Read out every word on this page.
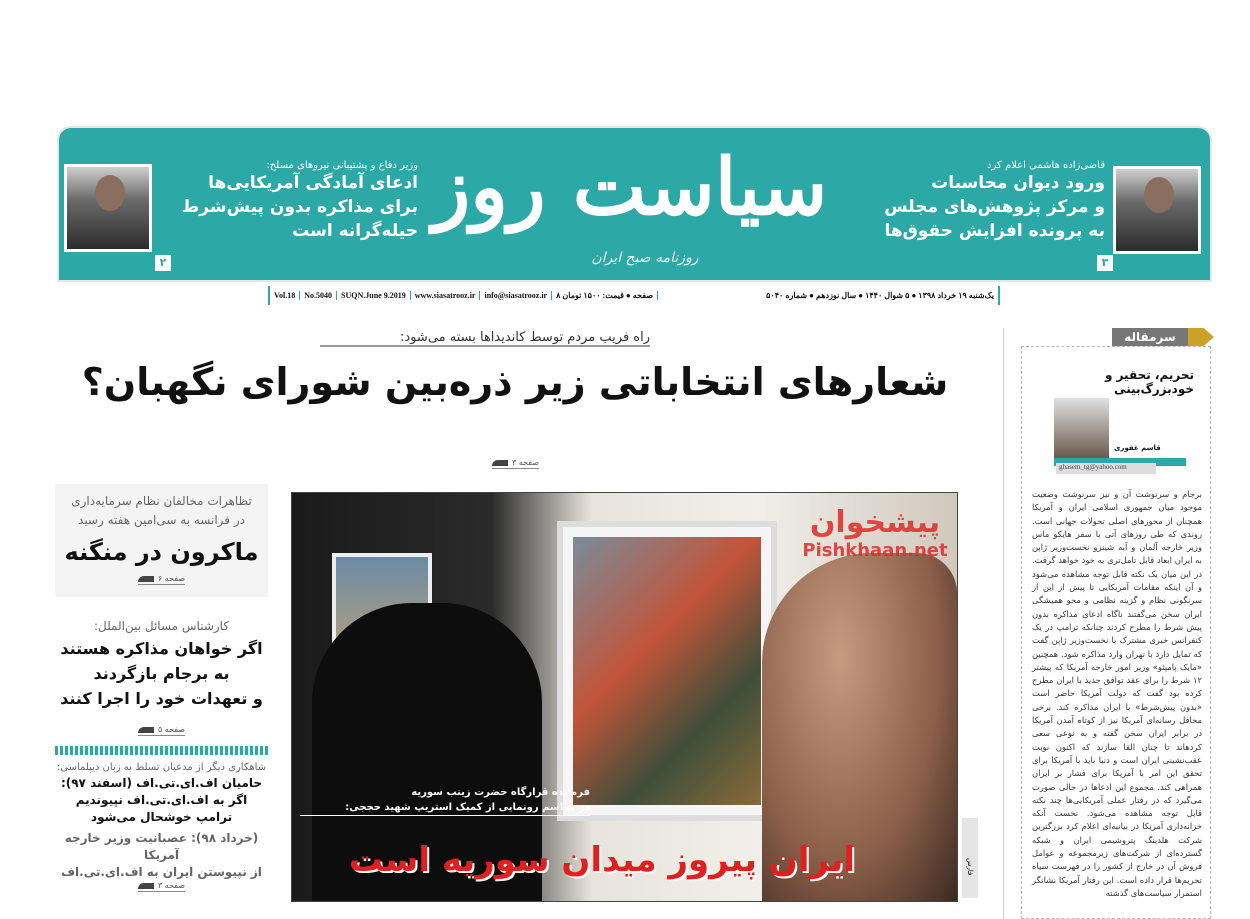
سیاست روز
روزنامه صبح ایران	۳
قاضی‌زاده هاشمی اعلام کرد
ورود دیوان محاسبات
و مرکز پژوهش‌های مجلس
به پرونده افزایش حقوق‌ها
۲
وزیر دفاع و پشتیبانی نیروهای مسلح:
ادعای آمادگی آمریکایی‌ها
برای مذاکره بدون پیش‌شرط
حیله‌گرانه است
Vol.18	No.5040	SUQN.June 9.2019	www.siasatrooz.ir	info@siasatrooz.ir	۸ صفحه ● قیمت: ۱۵۰۰ تومان	یک‌شنبه ۱۹ خرداد ۱۳۹۸ ● ۵ شوال ۱۴۴۰ ● سال نوزدهم ● شماره ۵۰۴۰
راه فریب مردم توسط کاندیداها بسته می‌شود:
شعارهای انتخاباتی زیر ذره‌بین شورای نگهبان؟
صفحه ۳
تظاهرات مخالفان نظام سرمایه‌داری
در فرانسه به سی‌امین هفته رسید
ماکرون در منگنه
صفحه ۶
کارشناس مسائل بین‌الملل:
اگر خواهان مذاکره هستند
به برجام بازگردند
و تعهدات خود را اجرا کنند
صفحه ۵
شاهکاری دیگر از مدعیان تسلط به زبان دیپلماسی:
حامیان اف.ای.تی.اف (اسفند ۹۷):
اگر به اف.ای.تی.اف نپیوندیم
ترامپ خوشحال می‌شود
(خرداد ۹۸): عصبانیت وزیر خارجه آمریکا
از نپیوستن ایران به اف.ای.تی.اف
صفحه ۳
فرمانده قرارگاه حضرت زینب سوریه
در مراسم رونمایی از کمیک استریپ شهید حججی:
ایران پیروز میدان سوریه است	فارس
سرمقاله
تحریم، تحقیر و خودبزرگ‌بینی
قاسم غفوری
ghasem_tg@yahoo.com
برجام و سرنوشت آن و نیز سرنوشت وضعیت موجود میان جمهوری اسلامی ایران و آمریکا همچنان از محورهای اصلی تحولات جهانی است. روندی که طی روزهای آتی با سفر هایکو ماس وزیر خارجه آلمان و آبه شینزو نخست‌وزیر ژاپن به ایران ابعاد قابل تامل‌تری به خود خواهد گرفت. در این میان یک نکته قابل توجه مشاهده می‌شود و آن اینکه مقامات آمریکایی تا پیش از این از سرنگونی نظام و گزینه نظامی و محو همیشگی ایران سخن می‌گفتند ناگاه ادعای مذاکره بدون پیش شرط را مطرح کردند چنانکه ترامپ در یک کنفرانس خبری مشترک با نخست‌وزیر ژاپن گفت که تمایل دارد با تهران وارد مذاکره شود. همچنین «مایک پامپئو» وزیر امور خارجه آمریکا که پیشتر ۱۲ شرط را برای عقد توافق جدید با ایران مطرح کرده بود گفت که دولت آمریکا حاضر است «بدون پیش‌شرط» با ایران مذاکره کند. برخی محافل رسانه‌ای آمریکا نیز از کوتاه آمدن آمریکا در برابر ایران سخن گفته و به نوعی سعی کردهاند تا چنان القا سازند که اکنون نوبت عقب‌نشینی ایران است و دنیا باید با آمریکا برای تحقق این امر با آمریکا برای فشار بر ایران همراهی کند. مجموع این ادعاها در حالی صورت می‌گیرد که در رفتار عملی آمریکایی‌ها چند نکته قابل توجه مشاهده می‌شود. نخست آنکه خزانه‌داری آمریکا در بیانیه‌ای اعلام کرد بزرگترین شرکت هلدینگ پتروشیمی ایران و شبکه گسترده‌ای از شرکت‌های زیرمجموعه و عوامل فروش آن در خارج از کشور را در فهرست سیاه تحریم‌ها قرار داده است. این رفتار آمریکا نشانگر استمرار سیاست‌های گذشته
پیشخوان
Pishkhaan.net
